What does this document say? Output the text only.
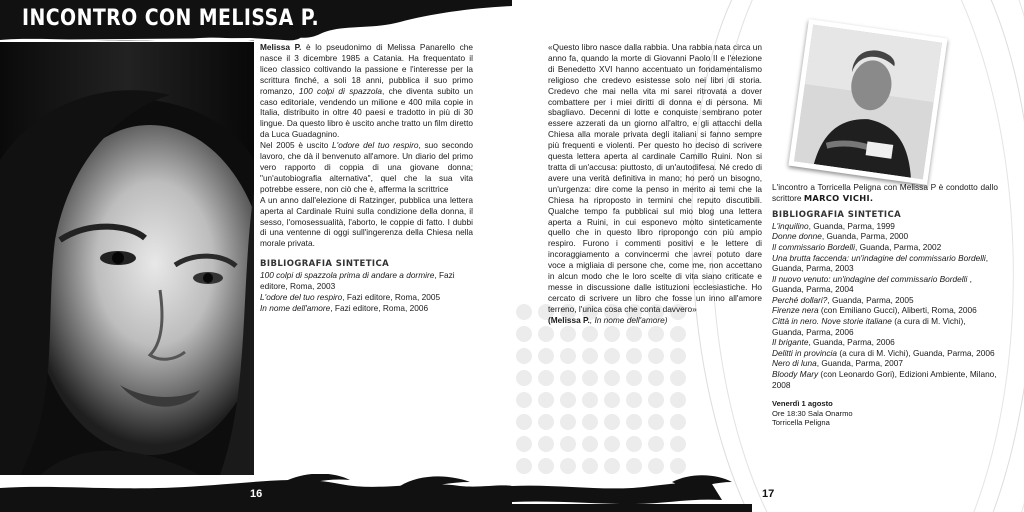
INCONTRO CON MELISSA P.

Melissa P. è lo pseudonimo di Melissa Panarello che nasce il 3 dicembre 1985 a Catania. Ha frequentato il liceo classico coltivando la passione e l'interesse per la scrittura finché, a soli 18 anni, pubblica il suo primo romanzo, 100 colpi di spazzola, che diventa subito un caso editoriale, vendendo un milione e 400 mila copie in Italia, distribuito in oltre 40 paesi e tradotto in più di 30 lingue. Da questo libro è uscito anche tratto un film diretto da Luca Guadagnino.

Nel 2005 è uscito L'odore del tuo respiro, suo secondo lavoro, che dà il benvenuto all'amore. Un diario del primo vero rapporto di coppia di una giovane donna; "un'autobiografia alternativa", quel che la sua vita potrebbe essere, non ciò che è, afferma la scrittrice

A un anno dall'elezione di Ratzinger, pubblica una lettera aperta al Cardinale Ruini sulla condizione della donna, il sesso, l'omosessualità, l'aborto, le coppie di fatto. I dubbi di una ventenne di oggi sull'ingerenza della Chiesa nella morale privata.

BIBLIOGRAFIA SINTETICA

100 colpi di spazzola prima di andare a dormire, Fazi editore, Roma, 2003

L'odore del tuo respiro, Fazi editore, Roma, 2005

In nome dell'amore, Fazi editore, Roma, 2006

16

«Questo libro nasce dalla rabbia. Una rabbia nata circa un anno fa, quando la morte di Giovanni Paolo II e l'elezione di Benedetto XVI hanno accentuato un fondamentalismo religioso che credevo esistesse solo nei libri di storia. Credevo che mai nella vita mi sarei ritrovata a dover combattere per i miei diritti di donna e di persona. Mi sbagliavo. Decenni di lotte e conquiste sembrano poter essere azzerati da un giorno all'altro, e gli attacchi della Chiesa alla morale privata degli italiani si fanno sempre più frequenti e violenti. Per questo ho deciso di scrivere questa lettera aperta al cardinale Camillo Ruini. Non si tratta di un'accusa: piuttosto, di un'autodifesa. Né credo di avere una verità definitiva in mano; ho però un bisogno, un'urgenza: dire come la penso in merito ai temi che la Chiesa ha riproposto in termini che reputo discutibili. Qualche tempo fa pubblicai sul mio blog una lettera aperta a Ruini, in cui esponevo molto sinteticamente quello che in questo libro ripropongo con più ampio respiro. Furono i commenti positivi e le lettere di incoraggiamento a convincermi che avrei potuto dare voce a migliaia di persone che, come me, non accettano in alcun modo che le loro scelte di vita siano criticate e messe in discussione dalle istituzioni ecclesiastiche. Ho cercato di scrivere un libro che fosse un inno all'amore terreno, l'unica cosa che conta davvero»

(Melissa P., In nome dell'amore)

L'incontro a Torricella Peligna con Melissa P è condotto dallo scrittore MARCO VICHI.

BIBLIOGRAFIA SINTETICA

L'inquilino, Guanda, Parma, 1999

Donne donne, Guanda, Parma, 2000

Il commissario Bordelli, Guanda, Parma, 2002

Una brutta faccenda: un'indagine del commissario Bordelli, Guanda, Parma, 2003

Il nuovo venuto: un'indagine del commissario Bordelli , Guanda, Parma, 2004

Perché dollari?, Guanda, Parma, 2005

Firenze nera (con Emiliano Gucci), Aliberti, Roma, 2006

Città in nero. Nove storie italiane (a cura di M. Vichi), Guanda, Parma, 2006

Il brigante, Guanda, Parma, 2006

Delitti in provincia (a cura di M. Vichi), Guanda, Parma, 2006

Nero di luna, Guanda, Parma, 2007

Bloody Mary (con Leonardo Gori), Edizioni Ambiente, Milano, 2008

Venerdì 1 agosto

Ore 18:30 Sala Onarmo

Torricella Peligna

17
